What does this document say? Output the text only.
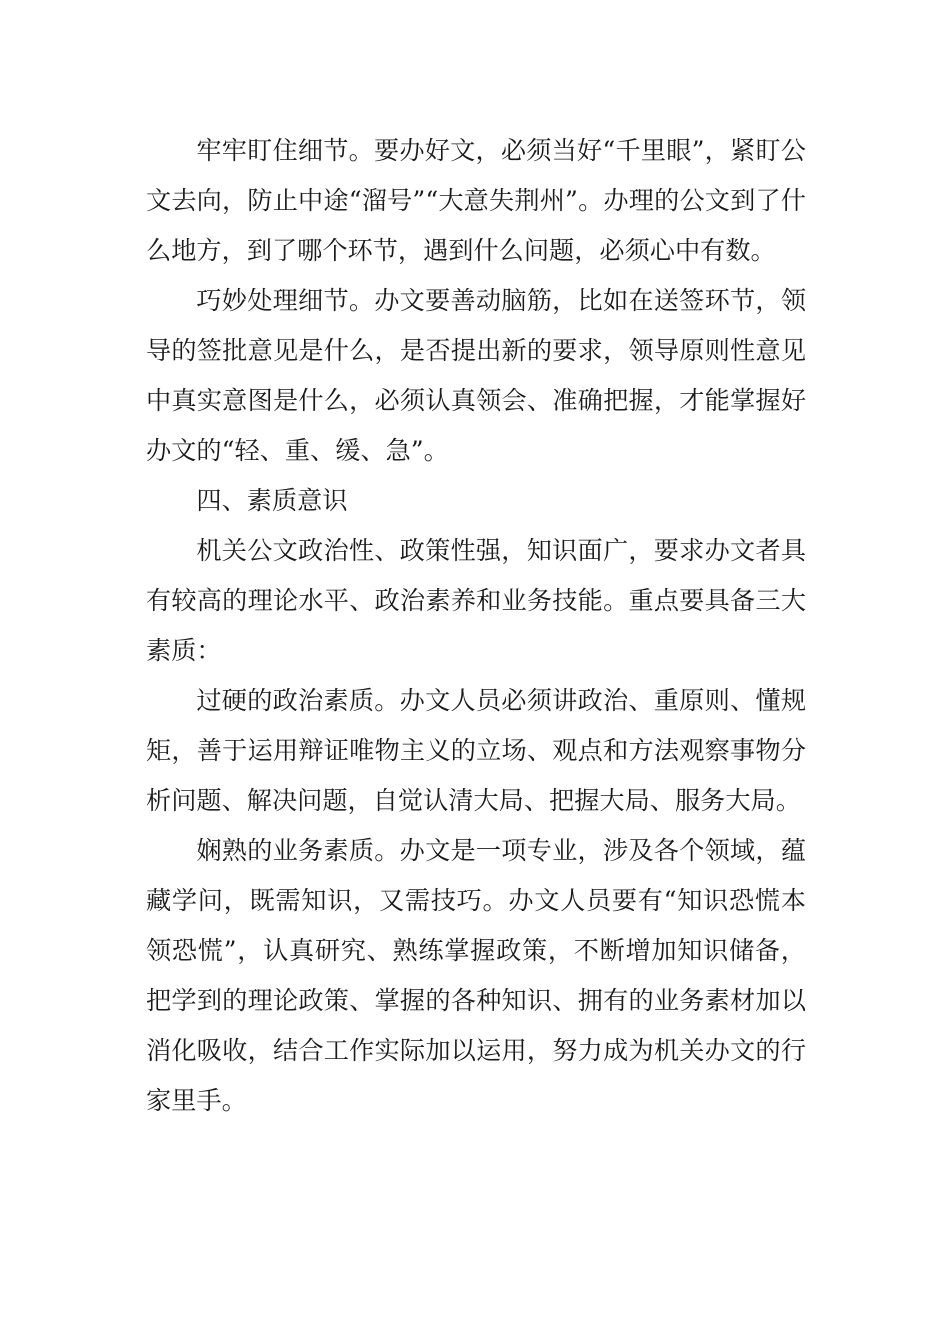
牢牢盯住细节。要办好文，必须当好“千里眼”，紧盯公文去向，防止中途“溜号”“大意失荆州”。办理的公文到了什么地方，到了哪个环节，遇到什么问题，必须心中有数。

巧妙处理细节。办文要善动脑筋，比如在送签环节，领导的签批意见是什么，是否提出新的要求，领导原则性意见中真实意图是什么，必须认真领会、准确把握，才能掌握好办文的“轻、重、缓、急”。

四、素质意识

机关公文政治性、政策性强，知识面广，要求办文者具有较高的理论水平、政治素养和业务技能。重点要具备三大素质：

过硬的政治素质。办文人员必须讲政治、重原则、懂规矩，善于运用辩证唯物主义的立场、观点和方法观察事物分析问题、解决问题，自觉认清大局、把握大局、服务大局。

娴熟的业务素质。办文是一项专业，涉及各个领域，蕴藏学问，既需知识，又需技巧。办文人员要有“知识恐慌本领恐慌”，认真研究、熟练掌握政策，不断增加知识储备，把学到的理论政策、掌握的各种知识、拥有的业务素材加以消化吸收，结合工作实际加以运用，努力成为机关办文的行家里手。
